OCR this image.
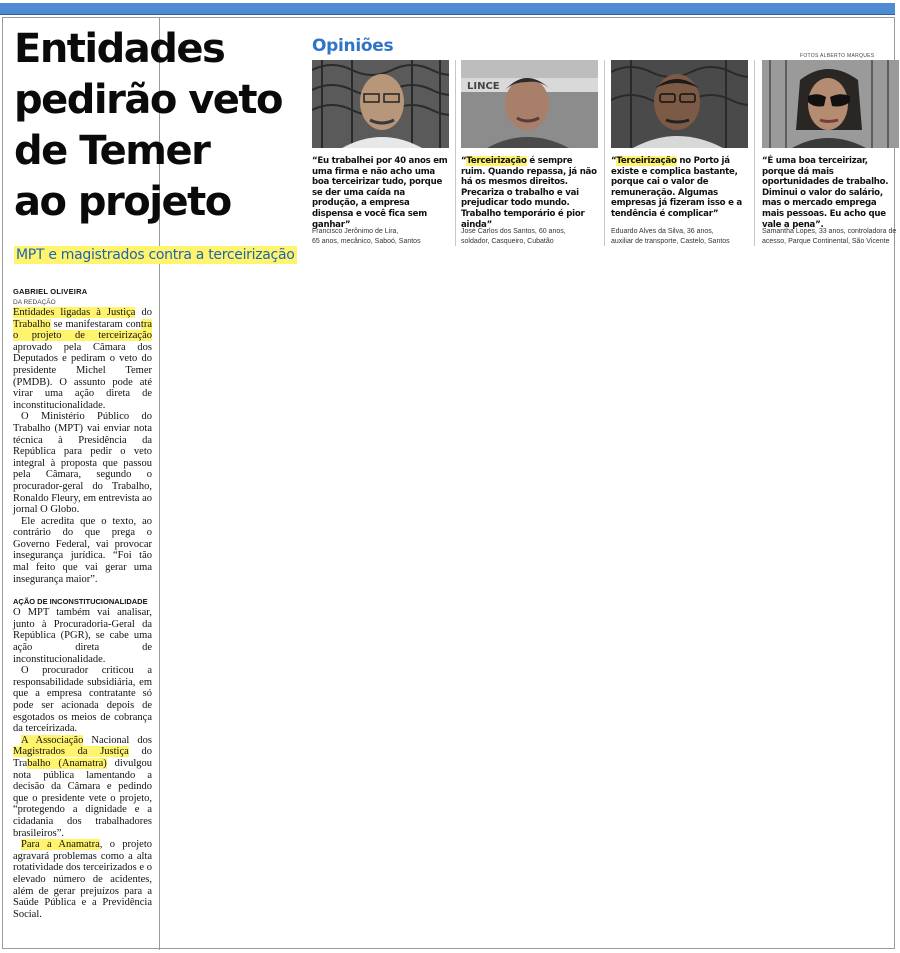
Entidades
pedirão veto
de Temer
ao projeto
MPT e magistrados contra a terceirização
GABRIEL OLIVEIRA
DA REDAÇÃO

Entidades ligadas à Justiça do Trabalho se manifestaram contra o projeto de terceirização aprovado pela Câmara dos Deputados e pediram o veto do presidente Michel Temer (PMDB). O assunto pode até virar uma ação direta de inconstitucionalidade.

O Ministério Público do Trabalho (MPT) vai enviar nota técnica à Presidência da República para pedir o veto integral à proposta que passou pela Câmara, segundo o procurador-geral do Trabalho, Ronaldo Fleury, em entrevista ao jornal O Globo.

Ele acredita que o texto, ao contrário do que prega o Governo Federal, vai provocar insegurança jurídica. “Foi tão mal feito que vai gerar uma insegurança maior”.

AÇÃO DE INCONSTITUCIONALIDADE

O MPT também vai analisar, junto à Procuradoria-Geral da República (PGR), se cabe uma ação direta de inconstitucionalidade.

O procurador criticou a responsabilidade subsidiária, em que a empresa contratante só pode ser acionada depois de esgotados os meios de cobrança da terceirizada.

A Associação Nacional dos Magistrados da Justiça do Trabalho (Anamatra) divulgou nota pública lamentando a decisão da Câmara e pedindo que o presidente vete o projeto, “protegendo a dignidade e a cidadania dos trabalhadores brasileiros”.

Para a Anamatra, o projeto agravará problemas como a alta rotatividade dos terceirizados e o elevado número de acidentes, além de gerar prejuízos para a Saúde Pública e a Previdência Social.

Opiniões	FOTOS ALBERTO MARQUES
LINCE
“Eu trabalhei por 40 anos em uma firma e não acho uma boa terceirizar tudo, porque se der uma caída na produção, a empresa dispensa e você fica sem ganhar”
“Terceirização é sempre ruim. Quando repassa, já não há os mesmos direitos. Precariza o trabalho e vai prejudicar todo mundo. Trabalho temporário é pior ainda”
“Terceirização no Porto já existe e complica bastante, porque cai o valor de remuneração. Algumas empresas já fizeram isso e a tendência é complicar”
“É uma boa terceirizar, porque dá mais oportunidades de trabalho. Diminui o valor do salário, mas o mercado emprega mais pessoas. Eu acho que vale a pena”.
Francisco Jerônimo de Lira,
65 anos, mecânico, Saboó, Santos
José Carlos dos Santos, 60 anos,
soldador, Casqueiro, Cubatão
Eduardo Alves da Silva, 36 anos,
auxiliar de transporte, Castelo, Santos
Samantha Lopes, 33 anos, controladora de
acesso, Parque Continental, São Vicente
